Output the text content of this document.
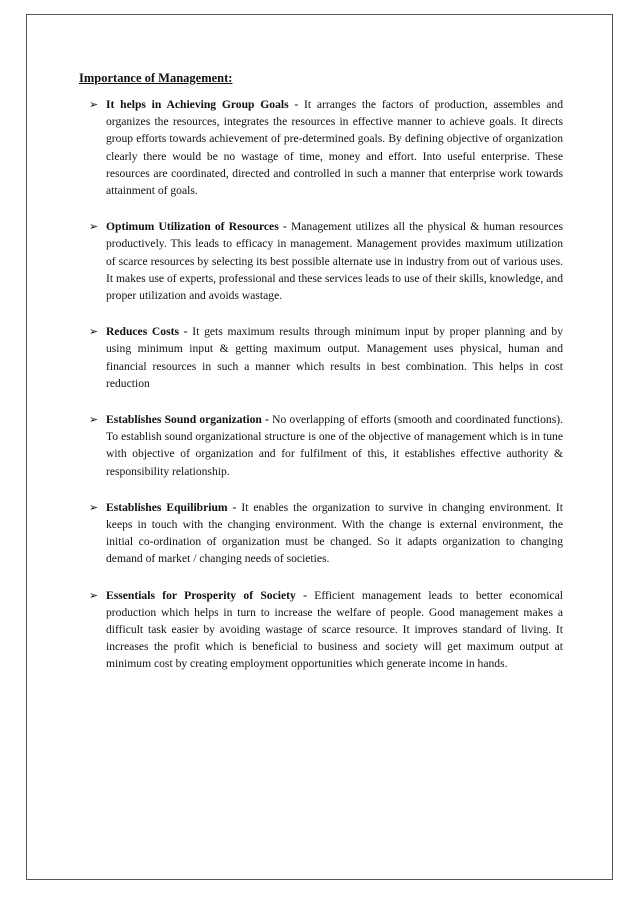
Importance of Management:
➢ It helps in Achieving Group Goals - It arranges the factors of production, assembles and organizes the resources, integrates the resources in effective manner to achieve goals. It directs group efforts towards achievement of pre-determined goals. By defining objective of organization clearly there would be no wastage of time, money and effort. Into useful enterprise. These resources are coordinated, directed and controlled in such a manner that enterprise work towards attainment of goals.
➢ Optimum Utilization of Resources - Management utilizes all the physical & human resources productively. This leads to efficacy in management. Management provides maximum utilization of scarce resources by selecting its best possible alternate use in industry from out of various uses. It makes use of experts, professional and these services leads to use of their skills, knowledge, and proper utilization and avoids wastage.
➢ Reduces Costs - It gets maximum results through minimum input by proper planning and by using minimum input & getting maximum output. Management uses physical, human and financial resources in such a manner which results in best combination. This helps in cost reduction
➢ Establishes Sound organization - No overlapping of efforts (smooth and coordinated functions). To establish sound organizational structure is one of the objective of management which is in tune with objective of organization and for fulfilment of this, it establishes effective authority & responsibility relationship.
➢ Establishes Equilibrium - It enables the organization to survive in changing environment. It keeps in touch with the changing environment. With the change is external environment, the initial co-ordination of organization must be changed. So it adapts organization to changing demand of market / changing needs of societies.
➢ Essentials for Prosperity of Society - Efficient management leads to better economical production which helps in turn to increase the welfare of people. Good management makes a difficult task easier by avoiding wastage of scarce resource. It improves standard of living. It increases the profit which is beneficial to business and society will get maximum output at minimum cost by creating employment opportunities which generate income in hands.
